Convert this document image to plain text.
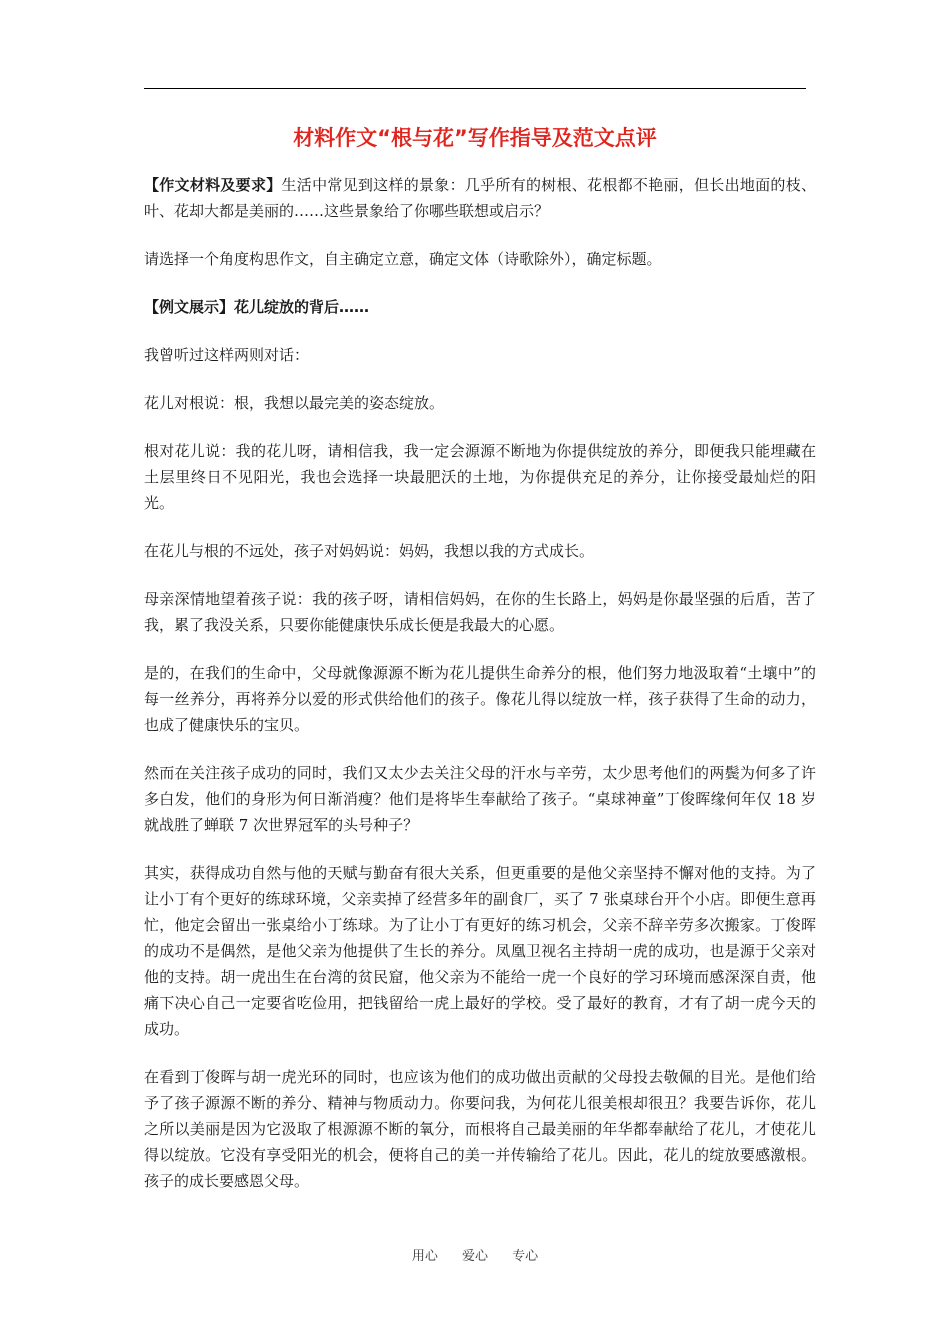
材料作文“根与花”写作指导及范文点评

【作文材料及要求】生活中常见到这样的景象：几乎所有的树根、花根都不艳丽，但长出地面的枝、叶、花却大都是美丽的……这些景象给了你哪些联想或启示？

请选择一个角度构思作文，自主确定立意，确定文体（诗歌除外），确定标题。

【例文展示】花儿绽放的背后……

我曾听过这样两则对话：

花儿对根说：根，我想以最完美的姿态绽放。

根对花儿说：我的花儿呀，请相信我，我一定会源源不断地为你提供绽放的养分，即便我只能埋藏在土层里终日不见阳光，我也会选择一块最肥沃的土地，为你提供充足的养分，让你接受最灿烂的阳光。

在花儿与根的不远处，孩子对妈妈说：妈妈，我想以我的方式成长。

母亲深情地望着孩子说：我的孩子呀，请相信妈妈，在你的生长路上，妈妈是你最坚强的后盾，苦了我，累了我没关系，只要你能健康快乐成长便是我最大的心愿。

是的，在我们的生命中，父母就像源源不断为花儿提供生命养分的根，他们努力地汲取着“土壤中”的每一丝养分，再将养分以爱的形式供给他们的孩子。像花儿得以绽放一样，孩子获得了生命的动力，也成了健康快乐的宝贝。

然而在关注孩子成功的同时，我们又太少去关注父母的汗水与辛劳，太少思考他们的两鬓为何多了许多白发，他们的身形为何日渐消瘦？他们是将毕生奉献给了孩子。“桌球神童”丁俊晖缘何年仅 18 岁就战胜了蝉联 7 次世界冠军的头号种子？

其实，获得成功自然与他的天赋与勤奋有很大关系，但更重要的是他父亲坚持不懈对他的支持。为了让小丁有个更好的练球环境，父亲卖掉了经营多年的副食厂，买了 7 张桌球台开个小店。即便生意再忙，他定会留出一张桌给小丁练球。为了让小丁有更好的练习机会，父亲不辞辛劳多次搬家。丁俊晖的成功不是偶然，是他父亲为他提供了生长的养分。凤凰卫视名主持胡一虎的成功，也是源于父亲对他的支持。胡一虎出生在台湾的贫民窟，他父亲为不能给一虎一个良好的学习环境而感深深自责，他痛下决心自己一定要省吃俭用，把钱留给一虎上最好的学校。受了最好的教育，才有了胡一虎今天的成功。

在看到丁俊晖与胡一虎光环的同时，也应该为他们的成功做出贡献的父母投去敬佩的目光。是他们给予了孩子源源不断的养分、精神与物质动力。你要问我，为何花儿很美根却很丑？我要告诉你，花儿之所以美丽是因为它汲取了根源源不断的氧分，而根将自己最美丽的年华都奉献给了花儿，才使花儿得以绽放。它没有享受阳光的机会，便将自己的美一并传输给了花儿。因此，花儿的绽放要感激根。孩子的成长要感恩父母。

用心 爱心 专心
